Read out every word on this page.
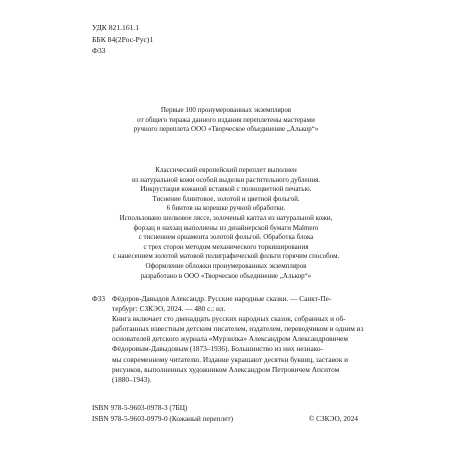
УДК 821.161.1
ББК 84(2Рос-Рус)1
Ф33
Первые 100 пронумерованных экземпляров
от общего тиража данного издания переплетены мастерами
ручного переплета ООО «Творческое объединение „Алькор“»
Классический европейский переплет выполнен
из натуральной кожи особой выделки растительного дубления.
Инкрустация кожаной вставкой с полноцветной печатью.
Тиснение блинтовое, золотой и цветной фольгой.
6 бинтов на корешке ручной обработки.
Использовано шелковое ляссе, золоченый каптал из натуральной кожи,
форзац и нахзац выполнены из дизайнерской бумаги Malmero
с тиснением орнамента золотой фольгой. Обработка блока
с трех сторон методом механического торкиширования
с нанесением золотой матовой полиграфической фольги горячим способом.
Оформление обложки пронумерованных экземпляров
разработано в ООО «Творческое объединение „Алькор“»
Ф33 Фёдоров-Давыдов Александр. Русские народные сказки. — Санкт-Пе-
тербург: СЗКЭО, 2024. — 480 с.: ил.
Книга включает сто двенадцать русских народных сказок, собранных и об-
работанных известным детским писателем, издателем, переводчиком и одним из
основателей детского журнала «Мурзилка» Александром Александровичем
Фёдоровым-Давыдовым (1873–1936). Большинство из них незнако-
мы современному читателю. Издание украшают десятки буквиц, заставок и
рисунков, выполненных художником Александром Петровичем Апситом
(1880–1943).
ISBN 978-5-9603-0978-3 (7БЦ)
ISBN 978-5-9603-0979-0 (Кожаный переплет)	© СЗКЭО, 2024
